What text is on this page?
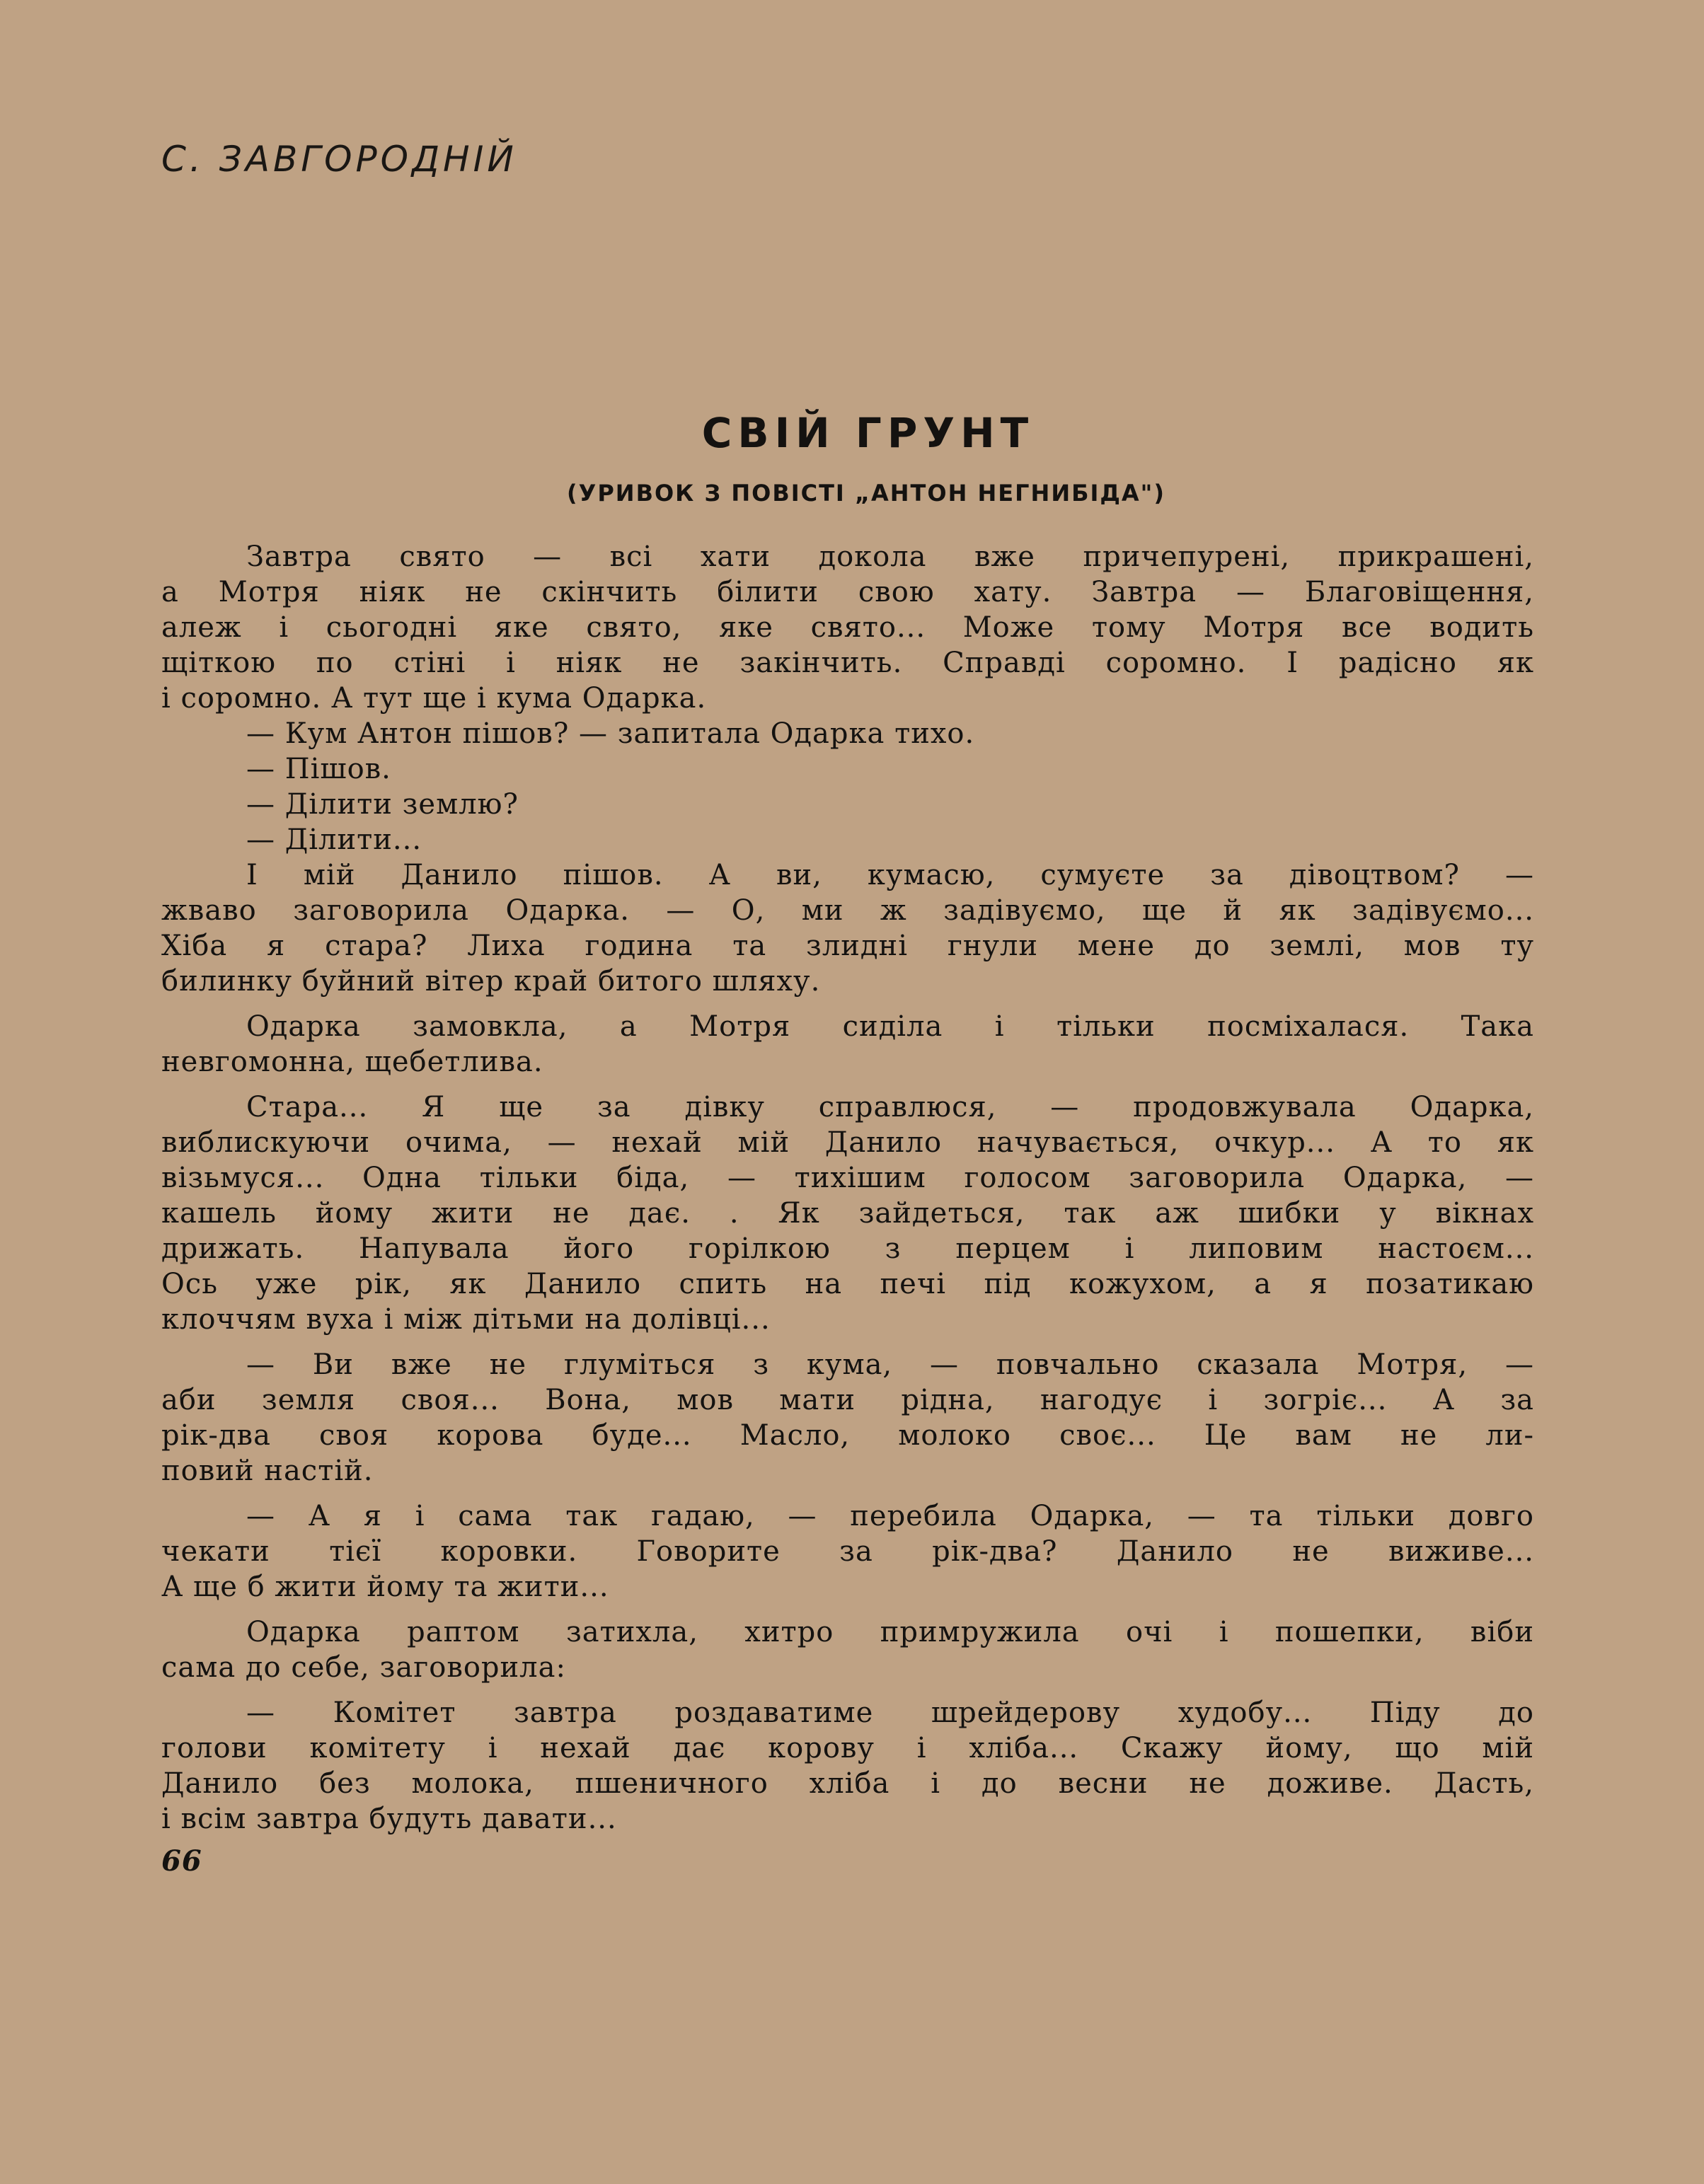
С. ЗАВГОРОДНІЙ
СВІЙ ГРУНТ
(УРИВОК З ПОВІСТІ „АНТОН НЕГНИБІДА")
Завтра свято — всі хати докола вже причепурені, прикрашені,
а Мотря ніяк не скінчить білити свою хату. Завтра — Благовіщення,
алеж і сьогодні яке свято, яке свято... Може тому Мотря все водить
щіткою по стіні і ніяк не закінчить. Справді соромно. І радісно як
і соромно. А тут ще і кума Одарка.
— Кум Антон пішов? — запитала Одарка тихо.
— Пішов.
— Ділити землю?
— Ділити...
І мій Данило пішов. А ви, кумасю, сумуєте за дівоцтвом? —
жваво заговорила Одарка. — О, ми ж задівуємо, ще й як задівуємо...
Хіба я стара? Лиха година та злидні гнули мене до землі, мов ту
билинку буйний вітер край битого шляху.
Одарка замовкла, а Мотря сиділа і тільки посміхалася. Така
невгомонна, щебетлива.
Стара... Я ще за дівку справлюся, — продовжувала Одарка,
виблискуючи очима, — нехай мій Данило начувається, очкур... А то як
візьмуся... Одна тільки біда, — тихішим голосом заговорила Одарка, —
кашель йому жити не дає. . Як зайдеться, так аж шибки у вікнах
дрижать. Напувала його горілкою з перцем і липовим настоєм...
Ось уже рік, як Данило спить на печі під кожухом, а я позатикаю
клоччям вуха і між дітьми на долівці...
— Ви вже не глуміться з кума, — повчально сказала Мотря, —
аби земля своя... Вона, мов мати рідна, нагодує і зогріє... А за
рік-два своя корова буде... Масло, молоко своє... Це вам не ли-
повий настій.
— А я і сама так гадаю, — перебила Одарка, — та тільки довго
чекати тієї коровки. Говорите за рік-два? Данило не виживе...
А ще б жити йому та жити...
Одарка раптом затихла, хитро примружила очі і пошепки, віби
сама до себе, заговорила:
— Комітет завтра роздаватиме шрейдерову худобу... Піду до
голови комітету і нехай дає корову і хліба... Скажу йому, що мій
Данило без молока, пшеничного хліба і до весни не доживе. Дасть,
і всім завтра будуть давати...
66
